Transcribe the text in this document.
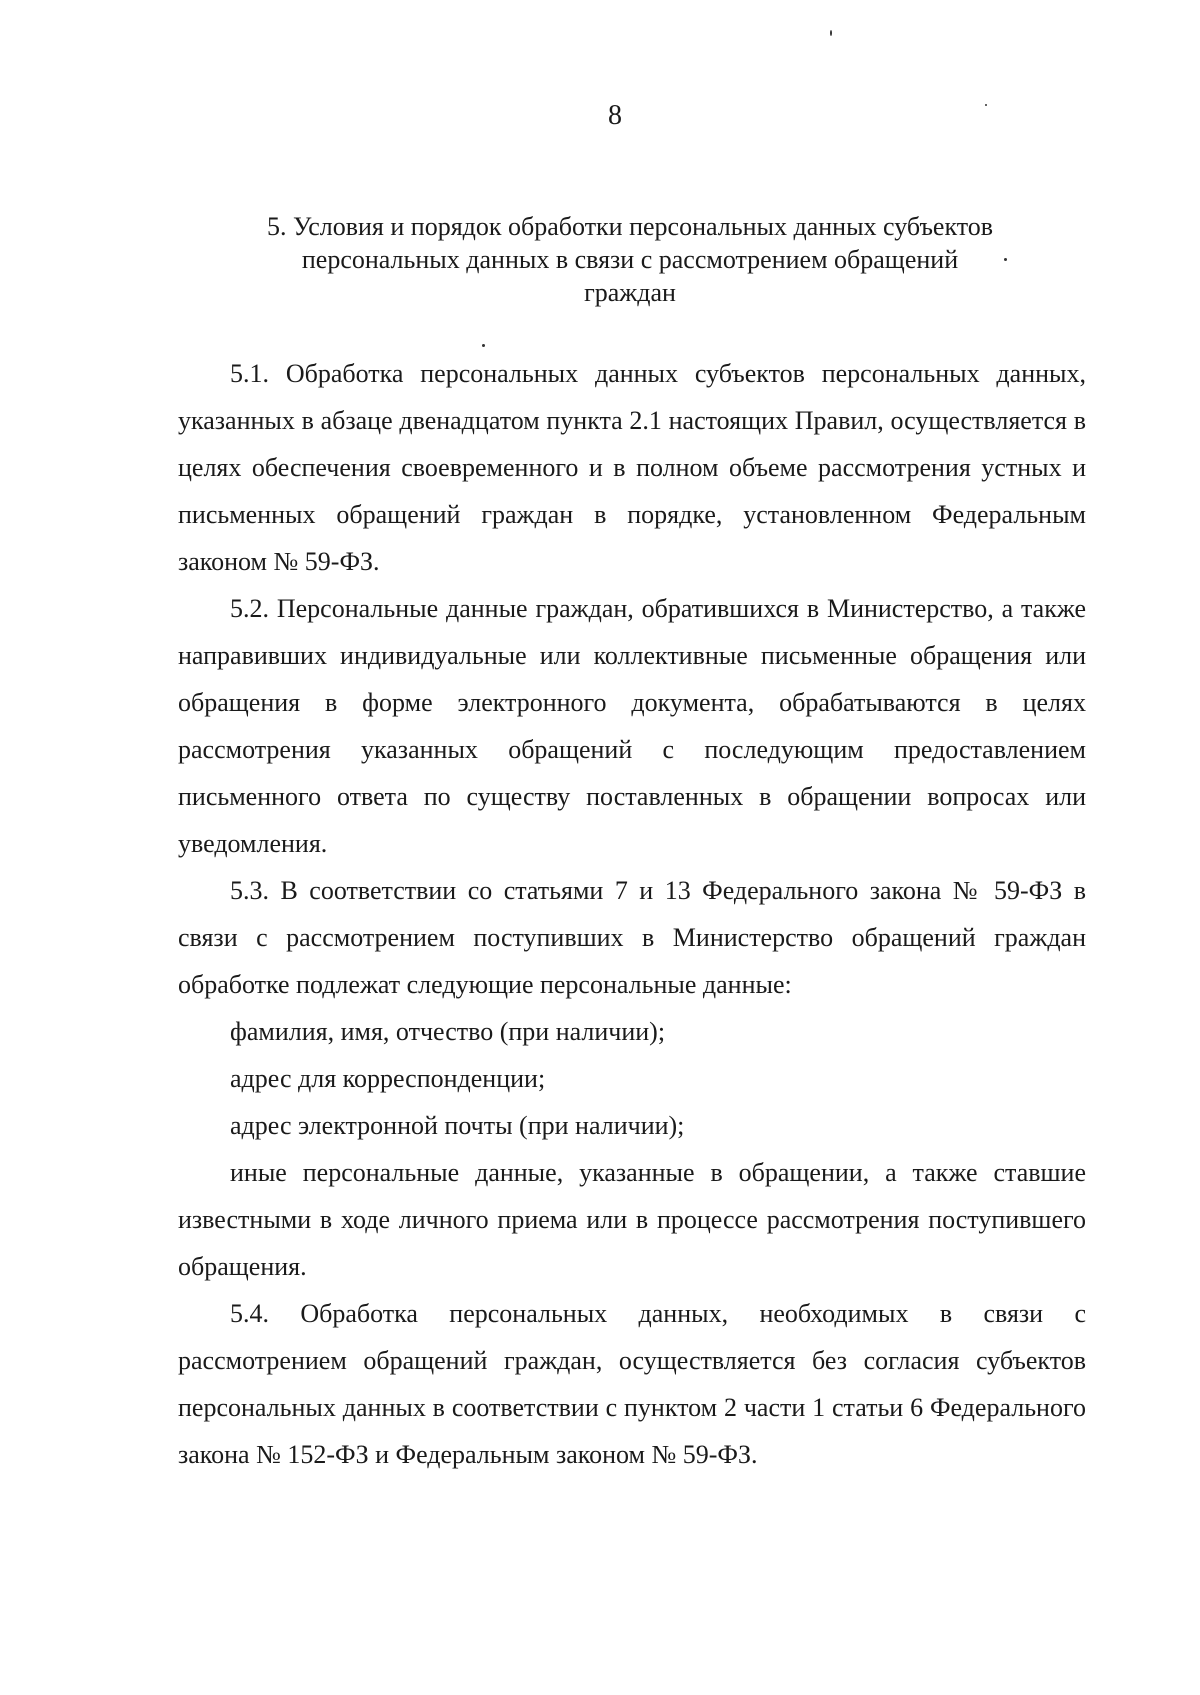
8
5. Условия и порядок обработки персональных данных субъектов
персональных данных в связи с рассмотрением обращений
граждан

5.1. Обработка персональных данных субъектов персональных данных, указанных в абзаце двенадцатом пункта 2.1 настоящих Правил, осуществляется в целях обеспечения своевременного и в полном объеме рассмотрения устных и письменных обращений граждан в порядке, установленном Федеральным законом № 59-ФЗ.

5.2. Персональные данные граждан, обратившихся в Министерство, а также направивших индивидуальные или коллективные письменные обращения или обращения в форме электронного документа, обрабатываются в целях рассмотрения указанных обращений с последующим предоставлением письменного ответа по существу поставленных в обращении вопросах или уведомления.

5.3. В соответствии со статьями 7 и 13 Федерального закона № 59-ФЗ в связи с рассмотрением поступивших в Министерство обращений граждан обработке подлежат следующие персональные данные:

фамилия, имя, отчество (при наличии);

адрес для корреспонденции;

адрес электронной почты (при наличии);

иные персональные данные, указанные в обращении, а также ставшие известными в ходе личного приема или в процессе рассмотрения поступившего обращения.

5.4. Обработка персональных данных, необходимых в связи с рассмотрением обращений граждан, осуществляется без согласия субъектов персональных данных в соответствии с пунктом 2 части 1 статьи 6 Федерального закона № 152-ФЗ и Федеральным законом № 59-ФЗ.
